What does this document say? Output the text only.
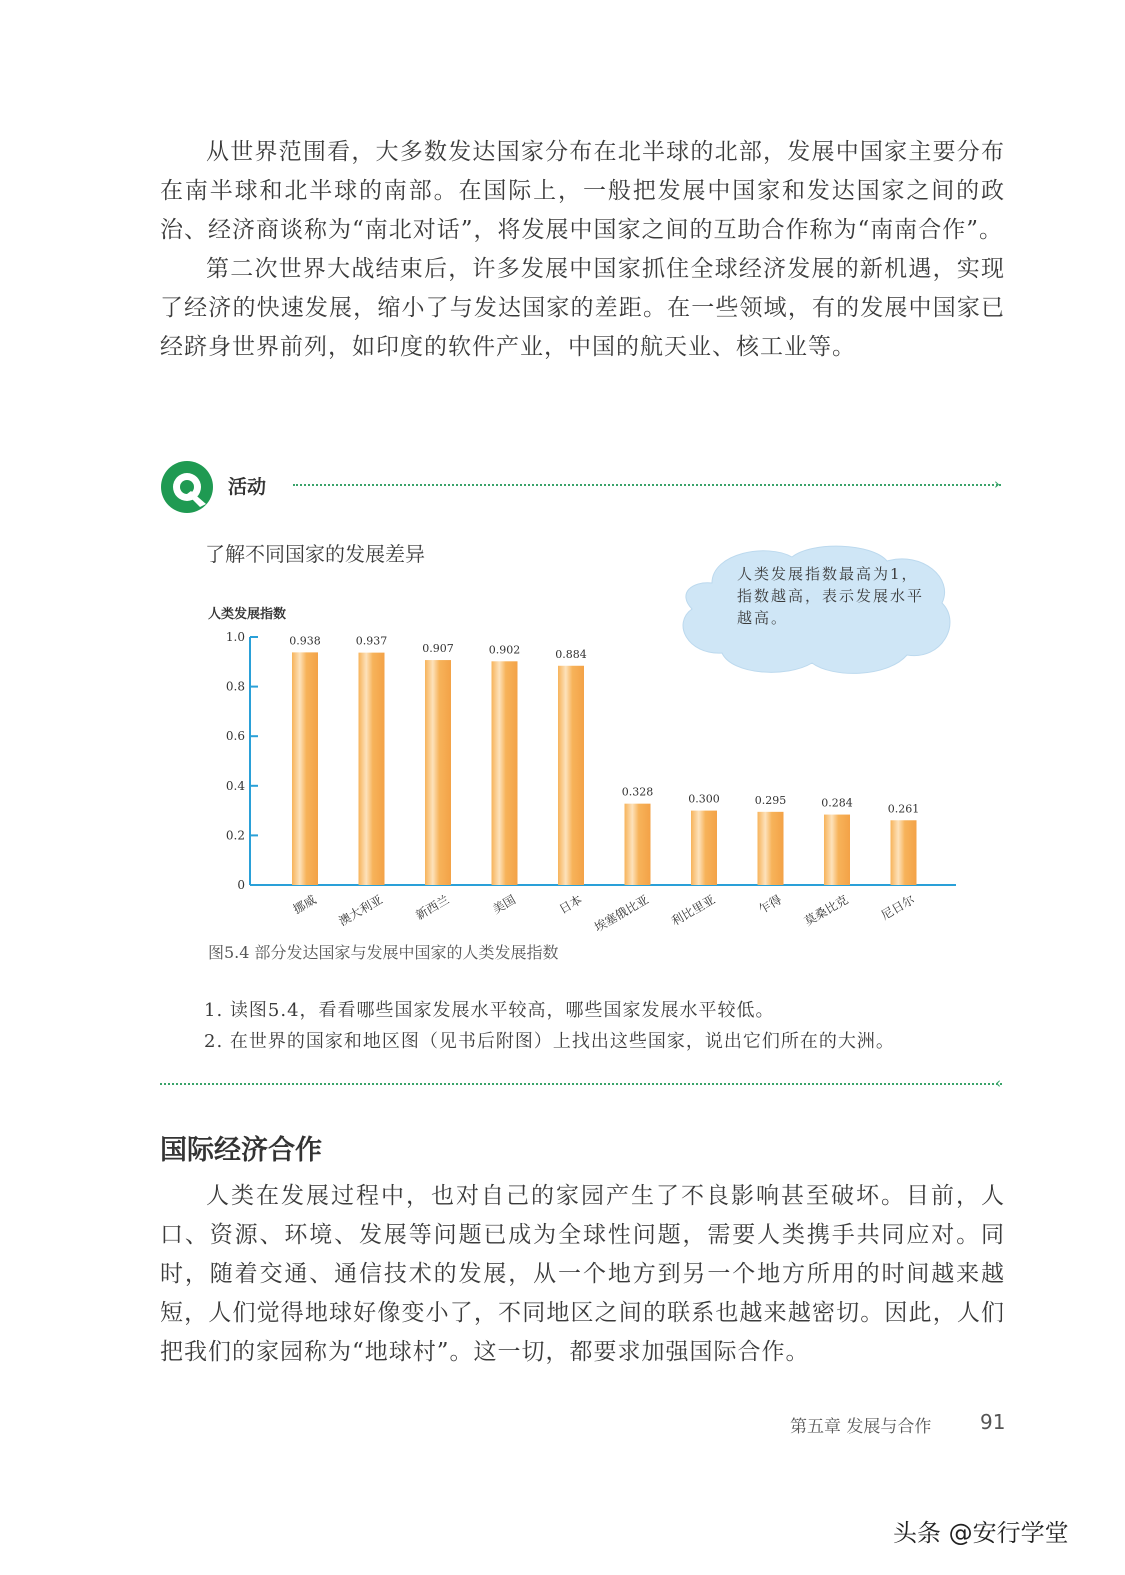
从世界范围看，大多数发达国家分布在北半球的北部，发展中国家主要分布在南半球和北半球的南部。在国际上，一般把发展中国家和发达国家之间的政治、经济商谈称为“南北对话”，将发展中国家之间的互助合作称为“南南合作”。

第二次世界大战结束后，许多发展中国家抓住全球经济发展的新机遇，实现了经济的快速发展，缩小了与发达国家的差距。在一些领域，有的发展中国家已经跻身世界前列，如印度的软件产业，中国的航天业、核工业等。

活动	›
了解不同国家的发展差异
人类发展指数最高为1，指数越高，表示发展水平越高。
人类发展指数
0
0.2
0.4
0.6
0.8
1.0	0.938
挪威
0.937
澳大利亚
0.907
新西兰
0.902
美国
0.884
日本
0.328
埃塞俄比亚
0.300
利比里亚
0.295
乍得
0.284
莫桑比克
0.261
尼日尔
图5.4 部分发达国家与发展中国家的人类发展指数
1. 读图5.4，看看哪些国家发展水平较高，哪些国家发展水平较低。
2. 在世界的国家和地区图（见书后附图）上找出这些国家，说出它们所在的大洲。
‹
国际经济合作

人类在发展过程中，也对自己的家园产生了不良影响甚至破坏。目前，人口、资源、环境、发展等问题已成为全球性问题，需要人类携手共同应对。同时，随着交通、通信技术的发展，从一个地方到另一个地方所用的时间越来越短，人们觉得地球好像变小了，不同地区之间的联系也越来越密切。因此，人们把我们的家园称为“地球村”。这一切，都要求加强国际合作。

第五章 发展与合作 91
头条 @安行学堂
